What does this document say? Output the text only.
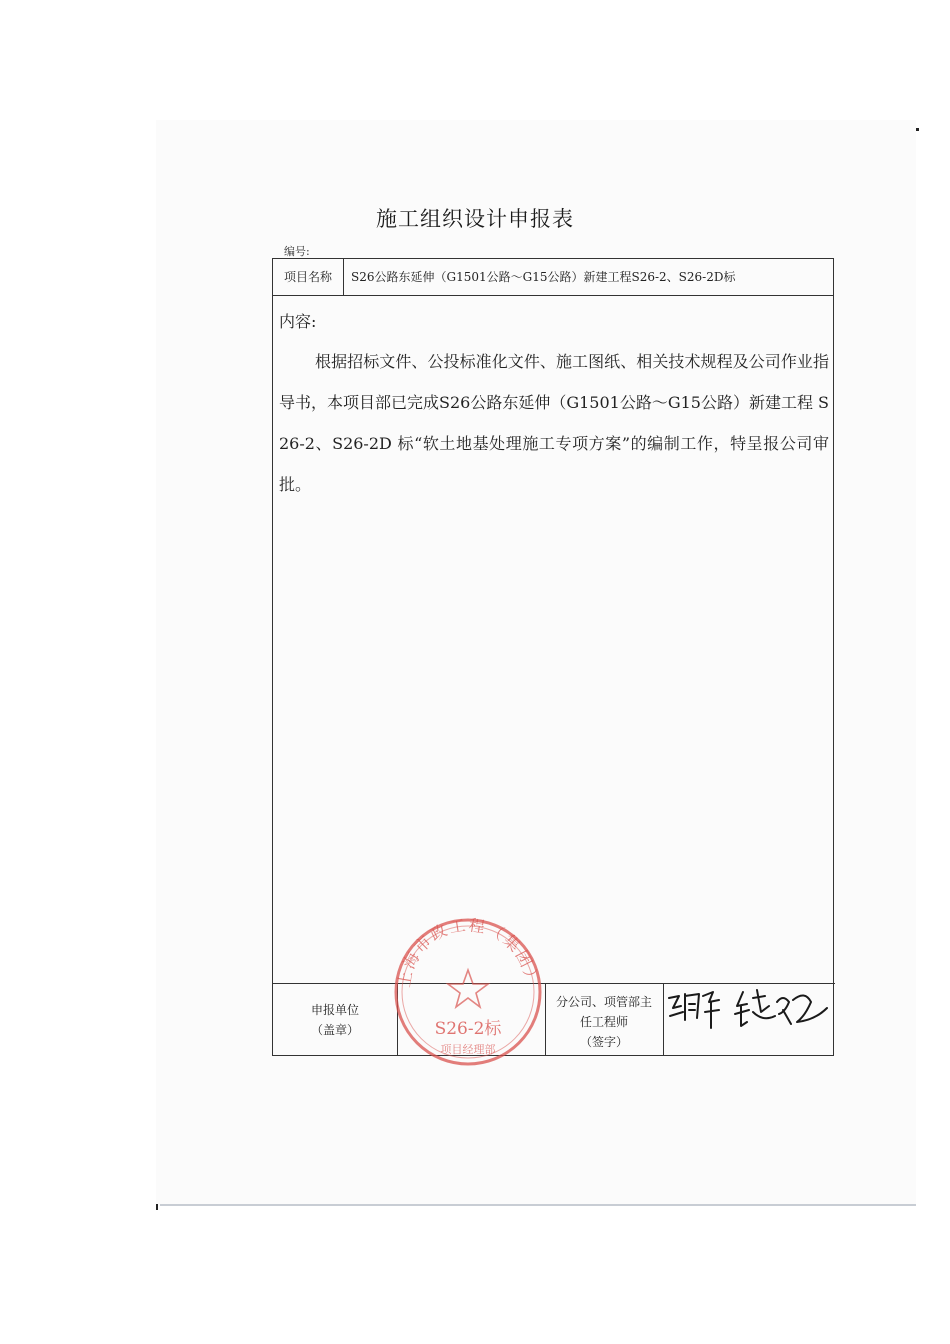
施工组织设计申报表
编号:
项目名称	S26公路东延伸（G1501公路～G15公路）新建工程S26-2、S26-2D标
内容:
根据招标文件、公投标准化文件、施工图纸、相关技术规程及公司作业指导书，本项目部已完成S26公路东延伸（G1501公路～G15公路）新建工程 S26-2、S26-2D 标“软土地基处理施工专项方案”的编制工作，特呈报公司审批。
申报单位
（盖章）
分公司、项管部主
任工程师
（签字）
上海市政工程（集团）
S26-2标
项目经理部
